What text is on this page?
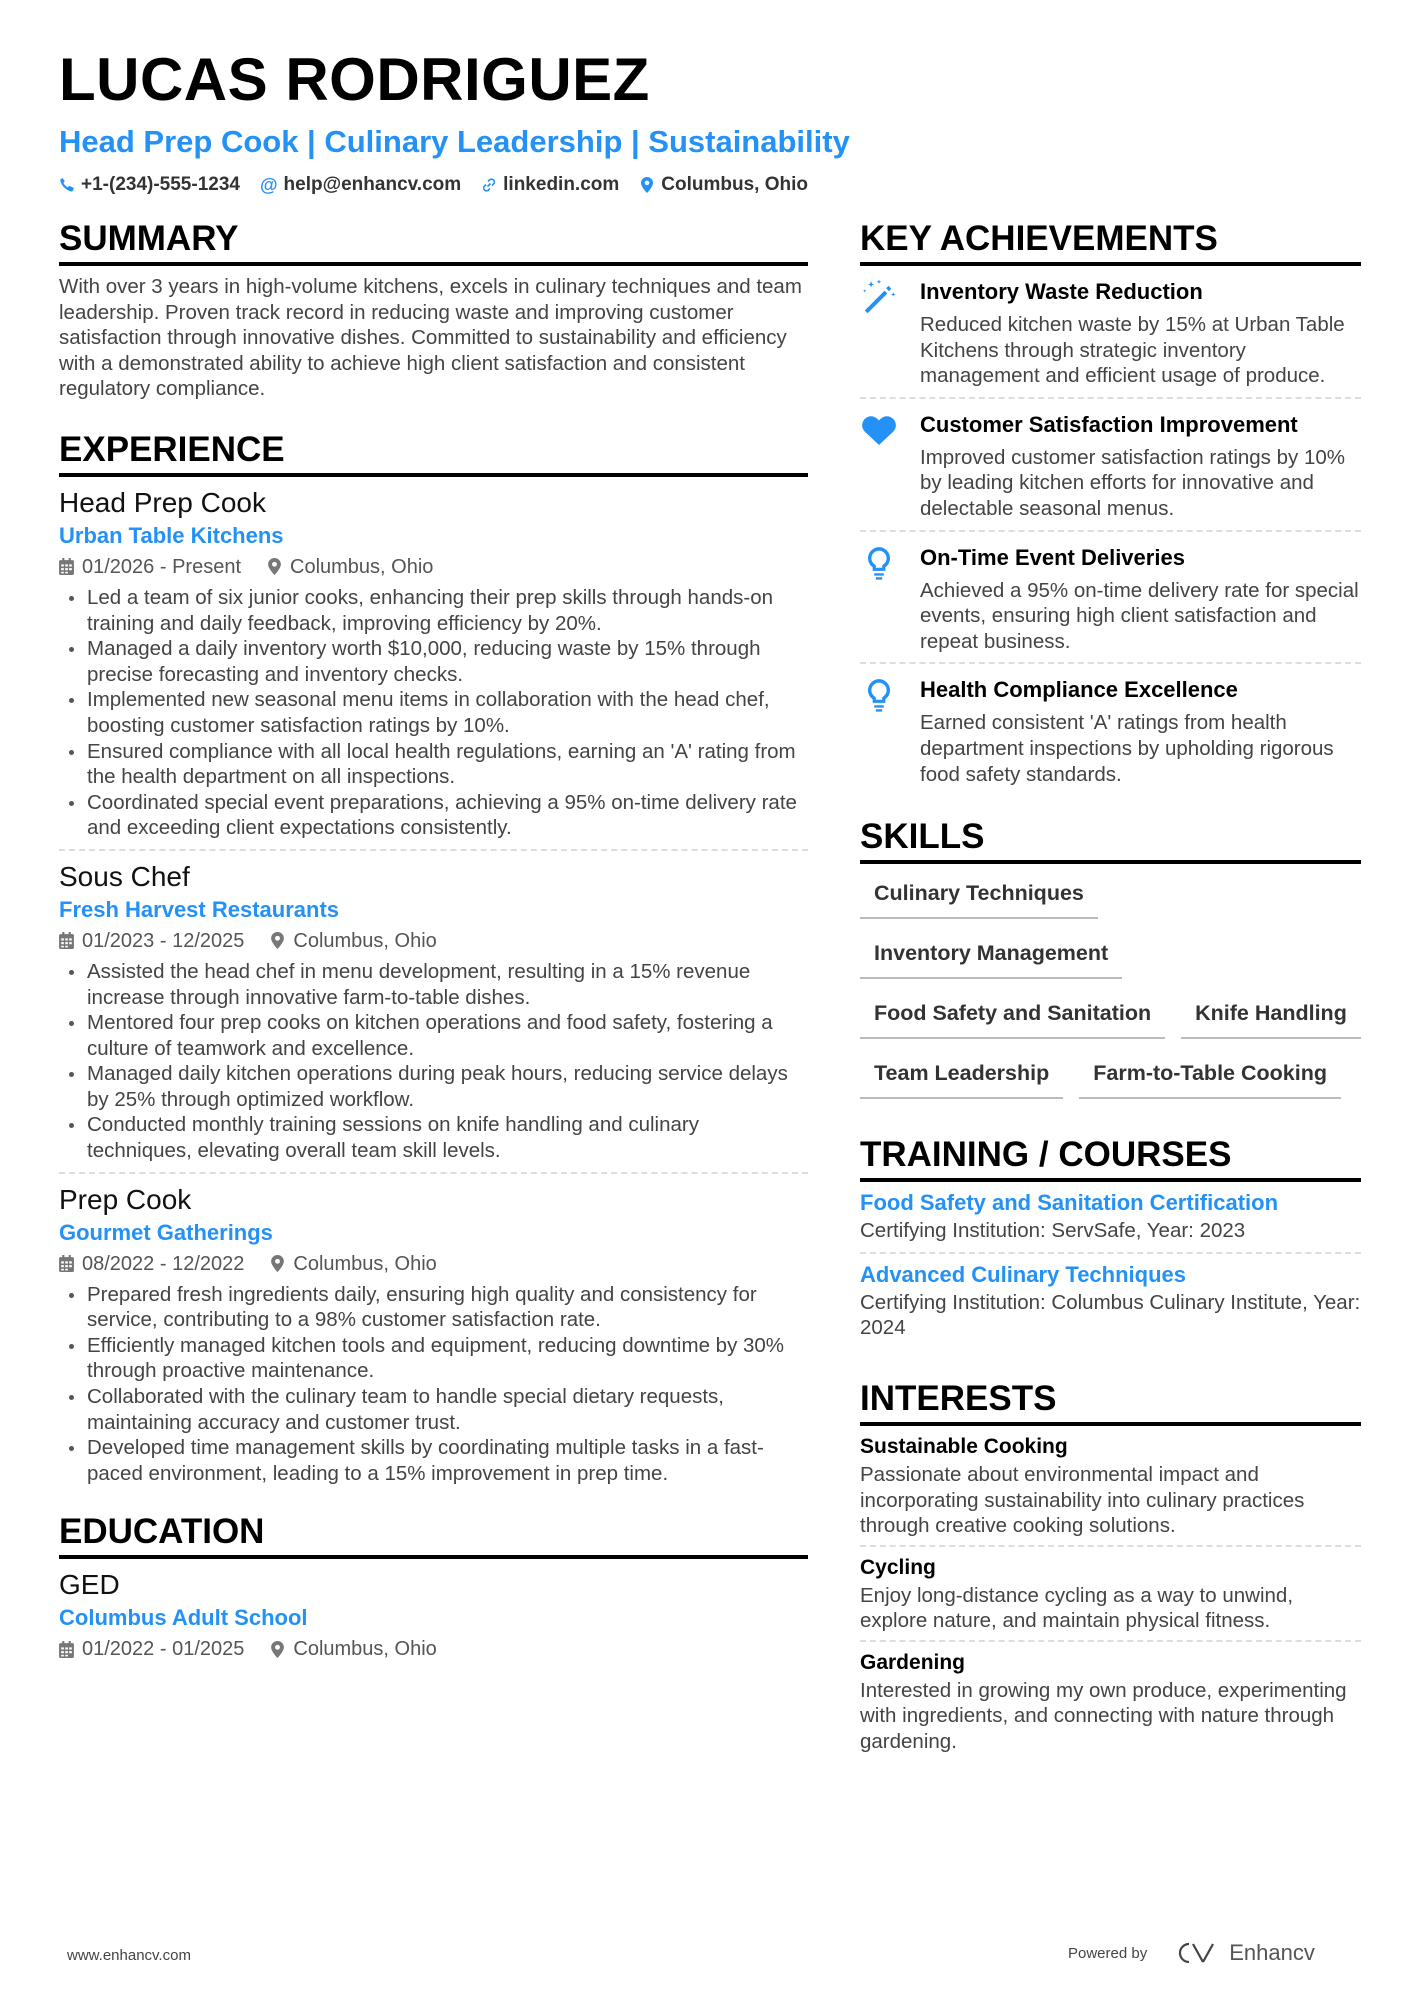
LUCAS RODRIGUEZ
Head Prep Cook | Culinary Leadership | Sustainability
+1-(234)-555-1234 @ help@enhancv.com linkedin.com Columbus, Ohio
SUMMARY

With over 3 years in high-volume kitchens, excels in culinary techniques and team leadership. Proven track record in reducing waste and improving customer satisfaction through innovative dishes. Committed to sustainability and efficiency with a demonstrated ability to achieve high client satisfaction and consistent regulatory compliance.

EXPERIENCE
Head Prep Cook
Urban Table Kitchens
01/2026 - Present Columbus, Ohio
Led a team of six junior cooks, enhancing their prep skills through hands-on training and daily feedback, improving efficiency by 20%.
Managed a daily inventory worth $10,000, reducing waste by 15% through precise forecasting and inventory checks.
Implemented new seasonal menu items in collaboration with the head chef, boosting customer satisfaction ratings by 10%.
Ensured compliance with all local health regulations, earning an 'A' rating from the health department on all inspections.
Coordinated special event preparations, achieving a 95% on-time delivery rate and exceeding client expectations consistently.
Sous Chef
Fresh Harvest Restaurants
01/2023 - 12/2025 Columbus, Ohio
Assisted the head chef in menu development, resulting in a 15% revenue increase through innovative farm-to-table dishes.
Mentored four prep cooks on kitchen operations and food safety, fostering a culture of teamwork and excellence.
Managed daily kitchen operations during peak hours, reducing service delays by 25% through optimized workflow.
Conducted monthly training sessions on knife handling and culinary techniques, elevating overall team skill levels.
Prep Cook
Gourmet Gatherings
08/2022 - 12/2022 Columbus, Ohio
Prepared fresh ingredients daily, ensuring high quality and consistency for service, contributing to a 98% customer satisfaction rate.
Efficiently managed kitchen tools and equipment, reducing downtime by 30% through proactive maintenance.
Collaborated with the culinary team to handle special dietary requests, maintaining accuracy and customer trust.
Developed time management skills by coordinating multiple tasks in a fast-paced environment, leading to a 15% improvement in prep time.
EDUCATION
GED
Columbus Adult School
01/2022 - 01/2025 Columbus, Ohio
KEY ACHIEVEMENTS
Inventory Waste Reduction
Reduced kitchen waste by 15% at Urban Table Kitchens through strategic inventory management and efficient usage of produce.
Customer Satisfaction Improvement
Improved customer satisfaction ratings by 10% by leading kitchen efforts for innovative and delectable seasonal menus.
On-Time Event Deliveries
Achieved a 95% on-time delivery rate for special events, ensuring high client satisfaction and repeat business.
Health Compliance Excellence
Earned consistent 'A' ratings from health department inspections by upholding rigorous food safety standards.
SKILLS
Culinary Techniques
Inventory Management
Food Safety and Sanitation	Knife Handling
Team Leadership	Farm-to-Table Cooking
TRAINING / COURSES
Food Safety and Sanitation Certification
Certifying Institution: ServSafe, Year: 2023
Advanced Culinary Techniques
Certifying Institution: Columbus Culinary Institute, Year: 2024
INTERESTS
Sustainable Cooking
Passionate about environmental impact and incorporating sustainability into culinary practices through creative cooking solutions.
Cycling
Enjoy long-distance cycling as a way to unwind, explore nature, and maintain physical fitness.
Gardening
Interested in growing my own produce, experimenting with ingredients, and connecting with nature through gardening.
www.enhancv.com	Powered by	Enhancv
